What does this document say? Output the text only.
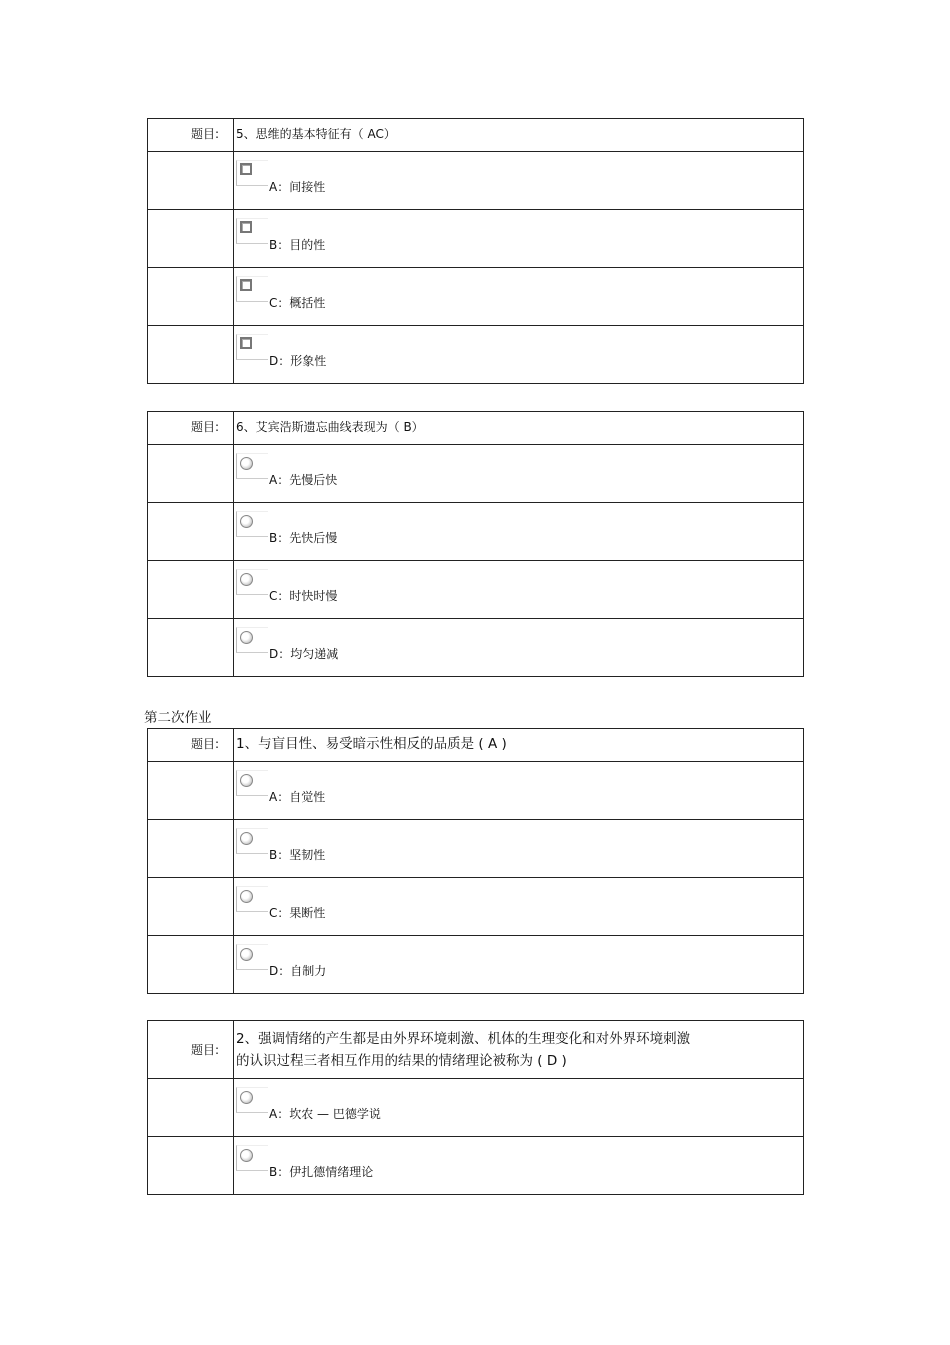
题目:	5、思维的基本特征有（ AC）

	A：间接性

	B：目的性

	C：概括性

	D：形象性
题目:	6、艾宾浩斯遗忘曲线表现为（ B）

	A：先慢后快

	B：先快后慢

	C：时快时慢

	D：均匀递减
第二次作业
题目:	1、与盲目性、易受暗示性相反的品质是 ( A )

	A：自觉性

	B：坚韧性

	C：果断性

	D：自制力
题目:	2、强调情绪的产生都是由外界环境刺激、机体的生理变化和对外界环境刺激
的认识过程三者相互作用的结果的情绪理论被称为 ( D )

	A：坎农 — 巴德学说

	B：伊扎德情绪理论
